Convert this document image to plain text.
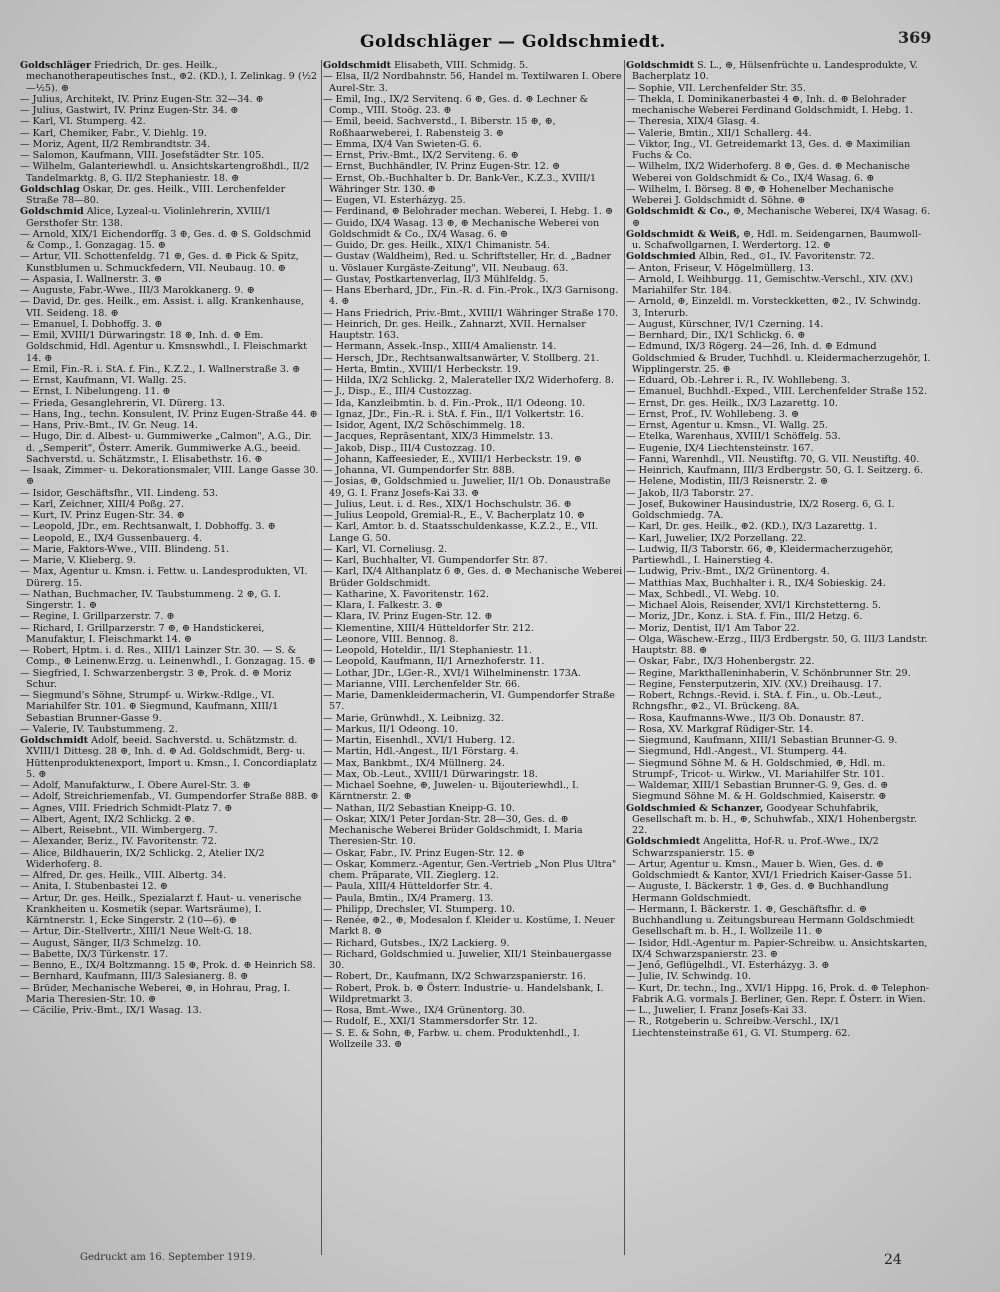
Goldschläger — Goldschmiedt.	369

Goldschläger Friedrich, Dr. ges. Heilk., mechanotherapeutisches Inst., ⊕2. (KD.), I. Zelinkag. 9 (½2—½5). ⊕

— Julius, Architekt, IV. Prinz Eugen-Str. 32—34. ⊕

— Julius, Gastwirt, IV. Prinz Eugen-Str. 34. ⊕

— Karl, VI. Stumperg. 42.

— Karl, Chemiker, Fabr., V. Diehlg. 19.

— Moriz, Agent, II/2 Rembrandtstr. 34.

— Salomon, Kaufmann, VIII. Josefstädter Str. 105.

— Wilhelm, Galanteriewhdl. u. Ansichtskartengroßhdl., II/2 Tandelmarktg. 8, G. II/2 Stephaniestr. 18. ⊕

Goldschlag Oskar, Dr. ges. Heilk., VIII. Lerchenfelder Straße 78—80.

Goldschmid Alice, Lyzeal-u. Violinlehrerin, XVIII/1 Gersthofer Str. 138.

— Arnold, XIX/1 Eichendorffg. 3 ⊕, Ges. d. ⊕ S. Goldschmid & Comp., I. Gonzagag. 15. ⊕

— Artur, VII. Schottenfeldg. 71 ⊕, Ges. d. ⊕ Pick & Spitz, Kunstblumen u. Schmuckfedern, VII. Neubaug. 10. ⊕

— Aspasia, I. Wallnerstr. 3. ⊕

— Auguste, Fabr.-Wwe., III/3 Marokkanerg. 9. ⊕

— David, Dr. ges. Heilk., em. Assist. i. allg. Krankenhause, VII. Seideng. 18. ⊕

— Emanuel, I. Dobhoffg. 3. ⊕

— Emil, XVIII/1 Dürwaringstr. 18 ⊕, Inh. d. ⊕ Em. Goldschmid, Hdl. Agentur u. Kmsnswhdl., I. Fleischmarkt 14. ⊕

— Emil, Fin.-R. i. StA. f. Fin., K.Z.2., I. Wallnerstraße 3. ⊕

— Ernst, Kaufmann, VI. Wallg. 25.

— Ernst, I. Nibelungeng. 11. ⊕

— Frieda, Gesanglehrerin, VI. Dürerg. 13.

— Hans, Ing., techn. Konsulent, IV. Prinz Eugen-Straße 44. ⊕

— Hans, Priv.-Bmt., IV. Gr. Neug. 14.

— Hugo, Dir. d. Albest- u. Gummiwerke „Calmon", A.G., Dir. d. „Semperit", Österr. Amerik. Gummiwerke A.G., beeid. Sachverstd. u. Schätzmstr., I. Elisabethstr. 16. ⊕

— Isaak, Zimmer- u. Dekorationsmaler, VIII. Lange Gasse 30. ⊕

— Isidor, Geschäftsfhr., VII. Lindeng. 53.

— Karl, Zeichner, XIII/4 Poßg. 27.

— Kurt, IV. Prinz Eugen-Str. 34. ⊕

— Leopold, JDr., em. Rechtsanwalt, I. Dobhoffg. 3. ⊕

— Leopold, E., IX/4 Gussenbauerg. 4.

— Marie, Faktors-Wwe., VIII. Blindeng. 51.

— Marie, V. Klieberg. 9.

— Max, Agentur u. Kmsn. i. Fettw. u. Landesprodukten, VI. Dürerg. 15.

— Nathan, Buchmacher, IV. Taubstummeng. 2 ⊕, G. I. Singerstr. 1. ⊕

— Regine, I. Grillparzerstr. 7. ⊕

— Richard, I. Grillparzerstr. 7 ⊕, ⊕ Handstickerei, Manufaktur, I. Fleischmarkt 14. ⊕

— Robert, Hptm. i. d. Res., XIII/1 Lainzer Str. 30. — S. & Comp., ⊕ Leinenw.Erzg. u. Leinenwhdl., I. Gonzagag. 15. ⊕

— Siegfried, I. Schwarzenbergstr. 3 ⊕, Prok. d. ⊕ Moriz Schur.

— Siegmund's Söhne, Strumpf- u. Wirkw.-Rdlge., VI. Mariahilfer Str. 101. ⊕ Siegmund, Kaufmann, XIII/1 Sebastian Brunner-Gasse 9.

— Valerie, IV. Taubstummeng. 2.

Goldschmidt Adolf, beeid. Sachverstd. u. Schätzmstr. d. XVIII/1 Dittesg. 28 ⊕, Inh. d. ⊕ Ad. Goldschmidt, Berg- u. Hüttenproduktenexport, Import u. Kmsn., I. Concordiaplatz 5. ⊕

— Adolf, Manufakturw., I. Obere Aurel-Str. 3. ⊕

— Adolf, Streichriemenfab., VI. Gumpendorfer Straße 88B. ⊕

— Agnes, VIII. Friedrich Schmidt-Platz 7. ⊕

— Albert, Agent, IX/2 Schlickg. 2 ⊕.

— Albert, Reisebnt., VII. Wimbergerg. 7.

— Alexander, Beriz., IV. Favoritenstr. 72.

— Alice, Bildhauerin, IX/2 Schlickg. 2, Atelier IX/2 Widerhoferg. 8.

— Alfred, Dr. ges. Heilk., VIII. Albertg. 34.

— Anita, I. Stubenbastei 12. ⊕

— Artur, Dr. ges. Heilk., Spezialarzt f. Haut- u. venerische Krankheiten u. Kosmetik (separ. Wartsräume), I. Kärntnerstr. 1, Ecke Singerstr. 2 (10—6). ⊕

— Artur, Dir.-Stellvertr., XIII/1 Neue Welt-G. 18.

— August, Sänger, II/3 Schmelzg. 10.

— Babette, IX/3 Türkenstr. 17.

— Benno, E., IX/4 Boltzmanng. 15 ⊕, Prok. d. ⊕ Heinrich S8.

— Bernhard, Kaufmann, III/3 Salesianerg. 8. ⊕

— Brüder, Mechanische Weberei, ⊕, in Hohrau, Prag, I. Maria Theresien-Str. 10. ⊕

— Cäcilie, Priv.-Bmt., IX/1 Wasag. 13.

Goldschmidt Elisabeth, VIII. Schmidg. 5.

— Elsa, II/2 Nordbahnstr. 56, Handel m. Textilwaren I. Obere Aurel-Str. 3.

— Emil, Ing., IX/2 Servitenq. 6 ⊕, Ges. d. ⊕ Lechner & Comp., VIII. Stoög. 23. ⊕

— Emil, beeid. Sachverstd., I. Biberstr. 15 ⊕, ⊕, Roßhaarweberei, I. Rabensteig 3. ⊕

— Emma, IX/4 Van Swieten-G. 6.

— Ernst, Priv.-Bmt., IX/2 Serviteng. 6. ⊕

— Ernst, Buchhändler, IV. Prinz Eugen-Str. 12. ⊕

— Ernst, Ob.-Buchhalter b. Dr. Bank-Ver., K.Z.3., XVIII/1 Währinger Str. 130. ⊕

— Eugen, VI. Esterházyg. 25.

— Ferdinand, ⊕ Belohrader mechan. Weberei, I. Hebg. 1. ⊕

— Guido, IX/4 Wasag. 13 ⊕, ⊕ Mechanische Weberei von Goldschmidt & Co., IX/4 Wasag. 6. ⊕

— Guido, Dr. ges. Heilk., XIX/1 Chimanistr. 54.

— Gustav (Waldheim), Red. u. Schriftsteller, Hr. d. „Badner u. Vöslauer Kurgäste-Zeitung", VII. Neubaug. 63.

— Gustav, Postkartenverlag, II/3 Mühlfeldg. 5.

— Hans Eberhard, JDr., Fin.-R. d. Fin.-Prok., IX/3 Garnisong. 4. ⊕

— Hans Friedrich, Priv.-Bmt., XVIII/1 Währinger Straße 170.

— Heinrich, Dr. ges. Heilk., Zahnarzt, XVII. Hernalser Hauptstr. 163.

— Hermann, Assek.-Insp., XIII/4 Amalienstr. 14.

— Hersch, JDr., Rechtsanwaltsanwärter, V. Stollberg. 21.

— Herta, Bmtin., XVIII/1 Herbeckstr. 19.

— Hilda, IX/2 Schlickg. 2, Malerateller IX/2 Widerhoferg. 8.

— J., Disp., E., III/4 Custozzag.

— Ida, Kanzleibmtin. b. d. Fin.-Prok., II/1 Odeong. 10.

— Ignaz, JDr., Fin.-R. i. StA. f. Fin., II/1 Volkertstr. 16.

— Isidor, Agent, IX/2 Schöschimmelg. 18.

— Jacques, Repräsentant, XIX/3 Himmelstr. 13.

— Jakob, Disp., III/4 Custozzag. 10.

— Johann, Kaffeesieder, E., XVIII/1 Herbeckstr. 19. ⊕

— Johanna, VI. Gumpendorfer Str. 88B.

— Josias, ⊕, Goldschmied u. Juwelier, II/1 Ob. Donaustraße 49, G. I. Franz Josefs-Kai 33. ⊕

— Julius, Leut. i. d. Res., XIX/1 Hochschulstr. 36. ⊕

— Julius Leopold, Gremial-R., E., V. Bacherplatz 10. ⊕

— Karl, Amtor. b. d. Staatsschuldenkasse, K.Z.2., E., VII. Lange G. 50.

— Karl, VI. Corneliusg. 2.

— Karl, Buchhalter, VI. Gumpendorfer Str. 87.

— Karl, IX/4 Althanplatz 6 ⊕, Ges. d. ⊕ Mechanische Weberei Brüder Goldschmidt.

— Katharine, X. Favoritenstr. 162.

— Klara, I. Falkestr. 3. ⊕

— Klara, IV. Prinz Eugen-Str. 12. ⊕

— Klementine, XIII/4 Hütteldorfer Str. 212.

— Leonore, VIII. Bennog. 8.

— Leopold, Hoteldir., II/1 Stephaniestr. 11.

— Leopold, Kaufmann, II/1 Arnezhoferstr. 11.

— Lothar, JDr., LGer.-R., XVI/1 Wilhelminenstr. 173A.

— Marianne, VIII. Lerchenfelder Str. 66.

— Marie, Damenkleidermacherin, VI. Gumpendorfer Straße 57.

— Marie, Grünwhdl., X. Leibnizg. 32.

— Markus, II/1 Odeong. 10.

— Martin, Eisenhdl., XVI/1 Huberg. 12.

— Martin, Hdl.-Angest., II/1 Förstarg. 4.

— Max, Bankbmt., IX/4 Müllnerg. 24.

— Max, Ob.-Leut., XVIII/1 Dürwaringstr. 18.

— Michael Soehne, ⊕, Juwelen- u. Bijouteriewhdl., I. Kärntnerstr. 2. ⊕

— Nathan, II/2 Sebastian Kneipp-G. 10.

— Oskar, XIX/1 Peter Jordan-Str. 28—30, Ges. d. ⊕ Mechanische Weberei Brüder Goldschmidt, I. Maria Theresien-Str. 10.

— Oskar, Fabr., IV. Prinz Eugen-Str. 12. ⊕

— Oskar, Kommerz.-Agentur, Gen.-Vertrieb „Non Plus Ultra" chem. Präparate, VII. Zieglerg. 12.

— Paula, XIII/4 Hütteldorfer Str. 4.

— Paula, Bmtin., IX/4 Pramerg. 13.

— Philipp, Drechsler, VI. Stumperg. 10.

— Renée, ⊕2., ⊕, Modesalon f. Kleider u. Kostüme, I. Neuer Markt 8. ⊕

— Richard, Gutsbes., IX/2 Lackierg. 9.

— Richard, Goldschmied u. Juwelier, XII/1 Steinbauergasse 30.

— Robert, Dr., Kaufmann, IX/2 Schwarzspanierstr. 16.

— Robert, Prok. b. ⊕ Österr. Industrie- u. Handelsbank, I. Wildpretmarkt 3.

— Rosa, Bmt.-Wwe., IX/4 Grünentorg. 30.

— Rudolf, E., XXI/1 Stammersdorfer Str. 12.

— S. E. & Sohn, ⊕, Farbw. u. chem. Produktenhdl., I. Wollzeile 33. ⊕

Goldschmidt S. L., ⊕, Hülsenfrüchte u. Landesprodukte, V. Bacherplatz 10.

— Sophie, VII. Lerchenfelder Str. 35.

— Thekla, I. Dominikanerbastei 4 ⊕, Inh. d. ⊕ Belohrader mechanische Weberei Ferdinand Goldschmidt, I. Hebg. 1.

— Theresia, XIX/4 Glasg. 4.

— Valerie, Bmtin., XII/1 Schallerg. 44.

— Viktor, Ing., VI. Getreidemarkt 13, Ges. d. ⊕ Maximilian Fuchs & Co.

— Wilhelm, IX/2 Widerhoferg. 8 ⊕, Ges. d. ⊕ Mechanische Weberei von Goldschmidt & Co., IX/4 Wasag. 6. ⊕

— Wilhelm, I. Börseg. 8 ⊕, ⊕ Hohenelber Mechanische Weberei J. Goldschmidt d. Söhne. ⊕

Goldschmidt & Co., ⊕, Mechanische Weberei, IX/4 Wasag. 6. ⊕

Goldschmidt & Weiß, ⊕, Hdl. m. Seidengarnen, Baumwoll- u. Schafwollgarnen, I. Werdertorg. 12. ⊕

Goldschmied Albin, Red., ⊙I., IV. Favoritenstr. 72.

— Anton, Friseur, V. Högelmüllerg. 13.

— Arnold, I. Weihburgg. 11, Gemischtw.-Verschl., XIV. (XV.) Mariahilfer Str. 184.

— Arnold, ⊕, Einzeldl. m. Vorsteckketten, ⊕2., IV. Schwindg. 3, Interurb.

— August, Kürschner, IV/1 Czerning. 14.

— Bernhard, Dir., IX/1 Schlickg. 6. ⊕

— Edmund, IX/3 Rögerg. 24—26, Inh. d. ⊕ Edmund Goldschmied & Bruder, Tuchhdl. u. Kleidermacherzugehör, I. Wipplingerstr. 25. ⊕

— Eduard, Ob.-Lehrer i. R., IV. Wohllebeng. 3.

— Emanuel, Buchhdl.-Exped., VIII. Lerchenfelder Straße 152.

— Ernst, Dr. ges. Heilk., IX/3 Lazarettg. 10.

— Ernst, Prof., IV. Wohllebeng. 3. ⊕

— Ernst, Agentur u. Kmsn., VI. Wallg. 25.

— Etelka, Warenhaus, XVIII/1 Schöffelg. 53.

— Eugenie, IX/4 Liechtensteinstr. 167.

— Fanni, Warenhdl., VII. Neustiftg. 70, G. VII. Neustiftg. 40.

— Heinrich, Kaufmann, III/3 Erdbergstr. 50, G. I. Seitzerg. 6.

— Helene, Modistin, III/3 Reisnerstr. 2. ⊕

— Jakob, II/3 Taborstr. 27.

— Josef, Bukowiner Hausindustrie, IX/2 Roserg. 6, G. I. Goldschmiedg. 7A.

— Karl, Dr. ges. Heilk., ⊕2. (KD.), IX/3 Lazarettg. 1.

— Karl, Juwelier, IX/2 Porzellang. 22.

— Ludwig, II/3 Taborstr. 66, ⊕, Kleidermacherzugehör, Partiewhdl., I. Hainerstieg 4.

— Ludwig, Priv.-Bmt., IX/2 Grünentorg. 4.

— Matthias Max, Buchhalter i. R., IX/4 Sobieskig. 24.

— Max, Schbedl., VI. Webg. 10.

— Michael Alois, Reisender, XVI/1 Kirchstetterng. 5.

— Moriz, JDr., Konz. i. StA. f. Fin., III/2 Hetzg. 6.

— Moriz, Dentist, II/1 Am Tabor 22.

— Olga, Wäschew.-Erzg., III/3 Erdbergstr. 50, G. III/3 Landstr. Hauptstr. 88. ⊕

— Oskar, Fabr., IX/3 Hohenbergstr. 22.

— Regine, Markthalleninhaberin, V. Schönbrunner Str. 29.

— Regine, Fensterputzerin, XIV. (XV.) Dreihausg. 17.

— Robert, Rchngs.-Revid. i. StA. f. Fin., u. Ob.-Leut., Rchngsfhr., ⊕2., VI. Brückeng. 8A.

— Rosa, Kaufmanns-Wwe., II/3 Ob. Donaustr. 87.

— Rosa, XV. Markgraf Rüdiger-Str. 14.

— Siegmund, Kaufmann, XIII/1 Sebastian Brunner-G. 9.

— Siegmund, Hdl.-Angest., VI. Stumperg. 44.

— Siegmund Söhne M. & H. Goldschmied, ⊕, Hdl. m. Strumpf-, Tricot- u. Wirkw., VI. Mariahilfer Str. 101.

— Waldemar, XIII/1 Sebastian Brunner-G. 9, Ges. d. ⊕ Siegmund Söhne M. & H. Goldschmied, Kaiserstr. ⊕

Goldschmied & Schanzer, Goodyear Schuhfabrik, Gesellschaft m. b. H., ⊕, Schuhwfab., XIX/1 Hohenbergstr. 22.

Goldschmiedt Angelitta, Hof-R. u. Prof.-Wwe., IX/2 Schwarzspanierstr. 15. ⊕

— Artur, Agentur u. Kmsn., Mauer b. Wien, Ges. d. ⊕ Goldschmiedt & Kantor, XVI/1 Friedrich Kaiser-Gasse 51.

— Auguste, I. Bäckerstr. 1 ⊕, Ges. d. ⊕ Buchhandlung Hermann Goldschmiedt.

— Hermann, I. Bäckerstr. 1. ⊕, Geschäftsfhr. d. ⊕ Buchhandlung u. Zeitungsbureau Hermann Goldschmiedt Gesellschaft m. b. H., I. Wollzeile 11. ⊕

— Isidor, Hdl.-Agentur m. Papier-Schreibw. u. Ansichtskarten, IX/4 Schwarzspanierstr. 23. ⊕

— Jenő, Geflügelhdl., VI. Esterházyg. 3. ⊕

— Julie, IV. Schwindg. 10.

— Kurt, Dr. techn., Ing., XVI/1 Hippg. 16, Prok. d. ⊕ Telephon-Fabrik A.G. vormals J. Berliner, Gen. Repr. f. Österr. in Wien.

— L., Juwelier, I. Franz Josefs-Kai 33.

— R., Rotgeberin u. Schreibw.-Verschl., IX/1 Liechtensteinstraße 61, G. VI. Stumperg. 62.

Gedruckt am 16. September 1919.	24
